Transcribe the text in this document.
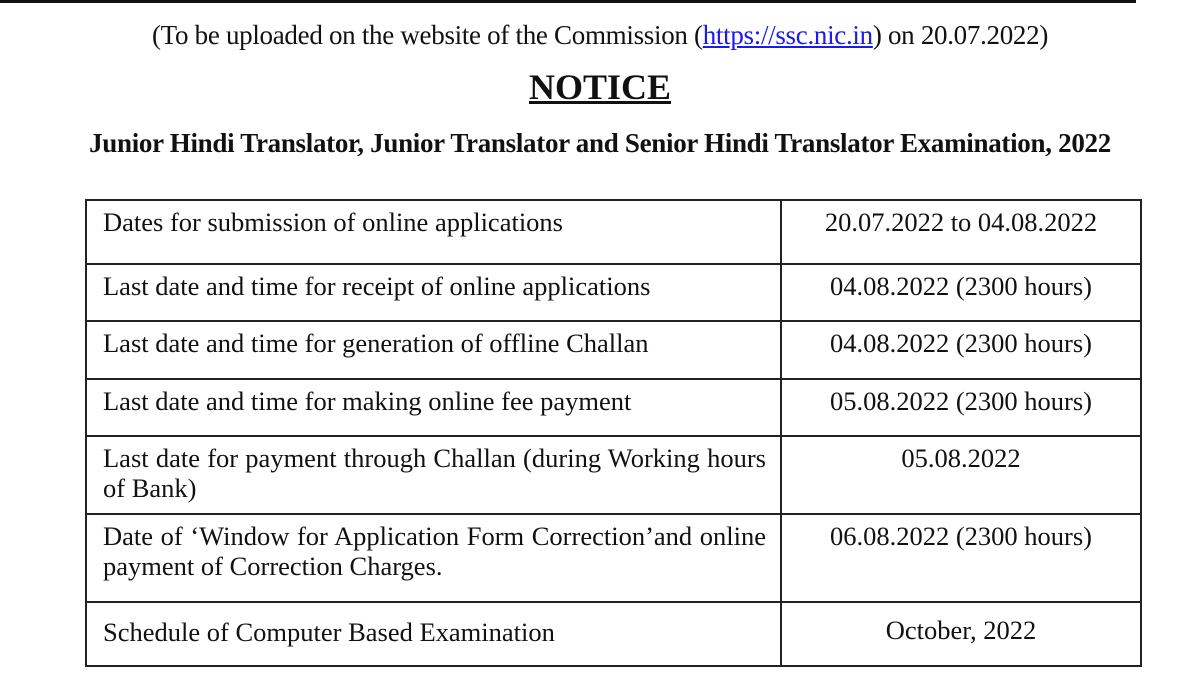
(To be uploaded on the website of the Commission (https://ssc.nic.in) on 20.07.2022)
NOTICE
Junior Hindi Translator, Junior Translator and Senior Hindi Translator Examination, 2022
Dates for submission of online applications	20.07.2022 to 04.08.2022
Last date and time for receipt of online applications	04.08.2022 (2300 hours)
Last date and time for generation of offline Challan	04.08.2022 (2300 hours)
Last date and time for making online fee payment	05.08.2022 (2300 hours)
Last date for payment through Challan (during Working hours of Bank)	05.08.2022
Date of ‘Window for Application Form Correction’and online payment of Correction Charges.	06.08.2022 (2300 hours)
Schedule of Computer Based Examination	October, 2022
